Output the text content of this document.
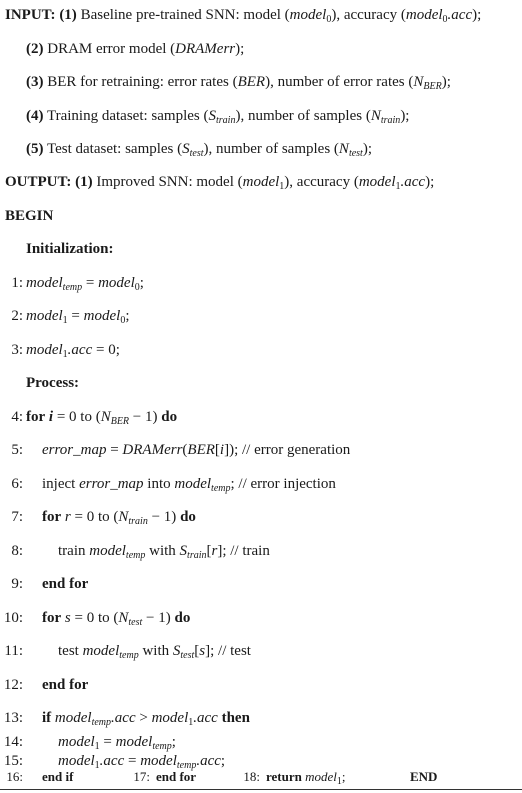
INPUT: (1) Baseline pre-trained SNN: model (model$_0$), accuracy (model$_0$.acc);
(2) DRAM error model (DRAMerr);
(3) BER for retraining: error rates (BER), number of error rates $(N_{BER})$;
(4) Training dataset: samples $(S_{train})$, number of samples $(N_{train})$;
(5) Test dataset: samples $(S_{test})$, number of samples $(N_{test})$;
OUTPUT: (1) Improved SNN: model (model$_1$), accuracy (model$_1$.acc);
BEGIN
Initialization:
1: model$_{temp}$ = model$_0$;
2: model$_1$ = model$_0$;
3: model$_1$.acc = 0;
Process:
4: for i = 0 to $(N_{BER} - 1)$ do
5: error_map = DRAMerr(BER[i]); // error generation
6: inject error_map into model$_{temp}$; // error injection
7: for r = 0 to $(N_{train} - 1)$ do
8: train model$_{temp}$ with $S_{train}[r]$; // train
9: end for
10: for s = 0 to $(N_{test} - 1)$ do
11: test model$_{temp}$ with $S_{test}[s]$; // test
12: end for
13: if model$_{temp}$.acc > model$_1$.acc then
14: model$_1$ = model$_{temp}$;
15: model$_1$.acc = model$_{temp}$.acc;
16: end if	17: end for	18: return model$_1$;	END
